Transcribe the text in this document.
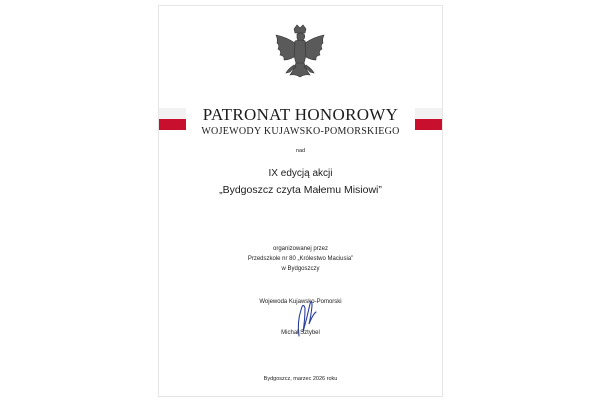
PATRONAT HONOROWY
WOJEWODY KUJAWSKO-POMORSKIEGO
nad
IX edycją akcji
„Bydgoszcz czyta Małemu Misiowi”
organizowanej przez
Przedszkole nr 80 „Królestwo Maciusia”
w Bydgoszczy
Wojewoda Kujawsko-Pomorski
Michał Sztybel
Bydgoszcz, marzec 2026 roku
